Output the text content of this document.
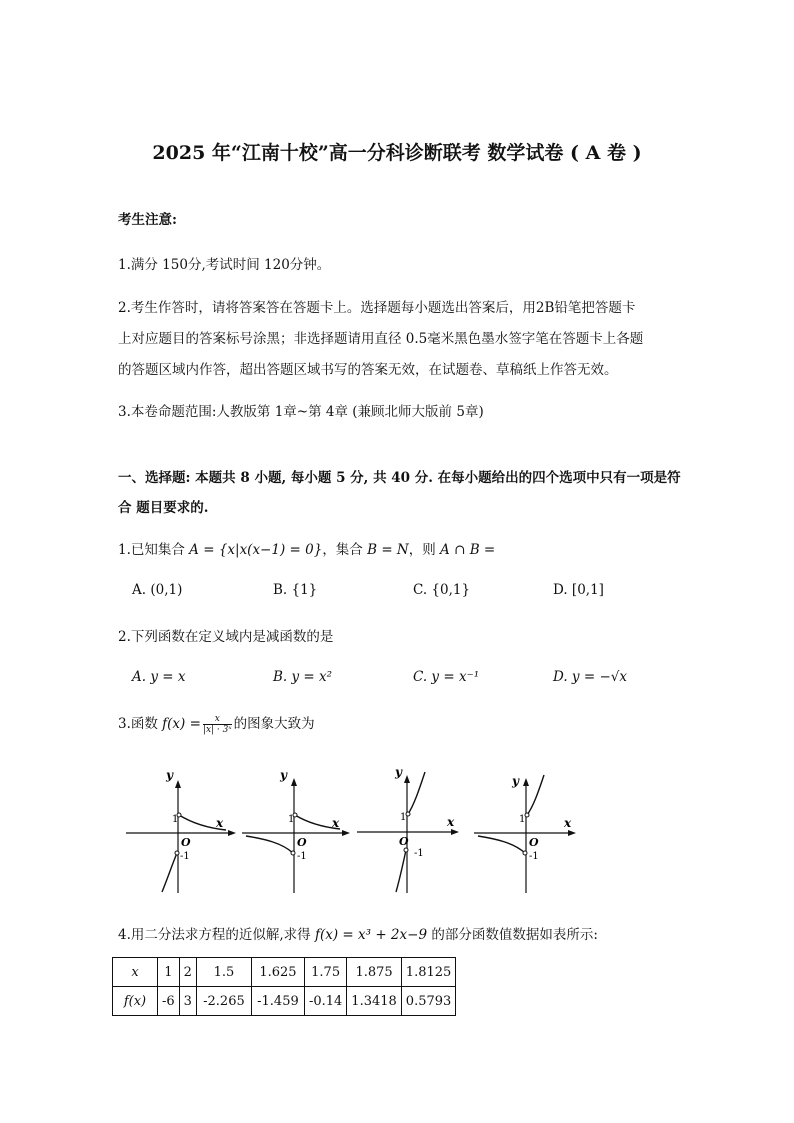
2025 年“江南十校”高一分科诊断联考 数学试卷 ( A 卷 )
考生注意:
1.满分 150分,考试时间 120分钟。
2.考生作答时，请将答案答在答题卡上。选择题每小题选出答案后，用2B铅笔把答题卡
上对应题目的答案标号涂黑；非选择题请用直径 0.5毫米黑色墨水签字笔在答题卡上各题
的答题区域内作答，超出答题区域书写的答案无效，在试题卷、草稿纸上作答无效。
3.本卷命题范围:人教版第 1章~第 4章 (兼顾北师大版前 5章)
一、选择题: 本题共 8 小题, 每小题 5 分, 共 40 分. 在每小题给出的四个选项中只有一项是符
合 题目要求的.
1.已知集合 A = {x|x(x−1) = 0}，集合 B = N，则 A ∩ B =
A. (0,1)	B. {1}	C. {0,1}	D. [0,1]
2.下列函数在定义域内是减函数的是
A. y = x	B. y = x²	C. y = x⁻¹	D. y = −√x
3.函数 $f(x) = \frac{x}{\text{|x| · 3ˣ}}$ 的图象大致为
y
x
O
1
-1
y
x
O
1
-1
y
x
O
1
-1
y
x
O
1
-1
4.用二分法求方程的近似解,求得 f(x) = x³ + 2x−9 的部分函数值数据如表所示:
x	1	2	1.5	1.625	1.75	1.875	1.8125
f(x)	-6	3	-2.265	-1.459	-0.14	1.3418	0.5793
